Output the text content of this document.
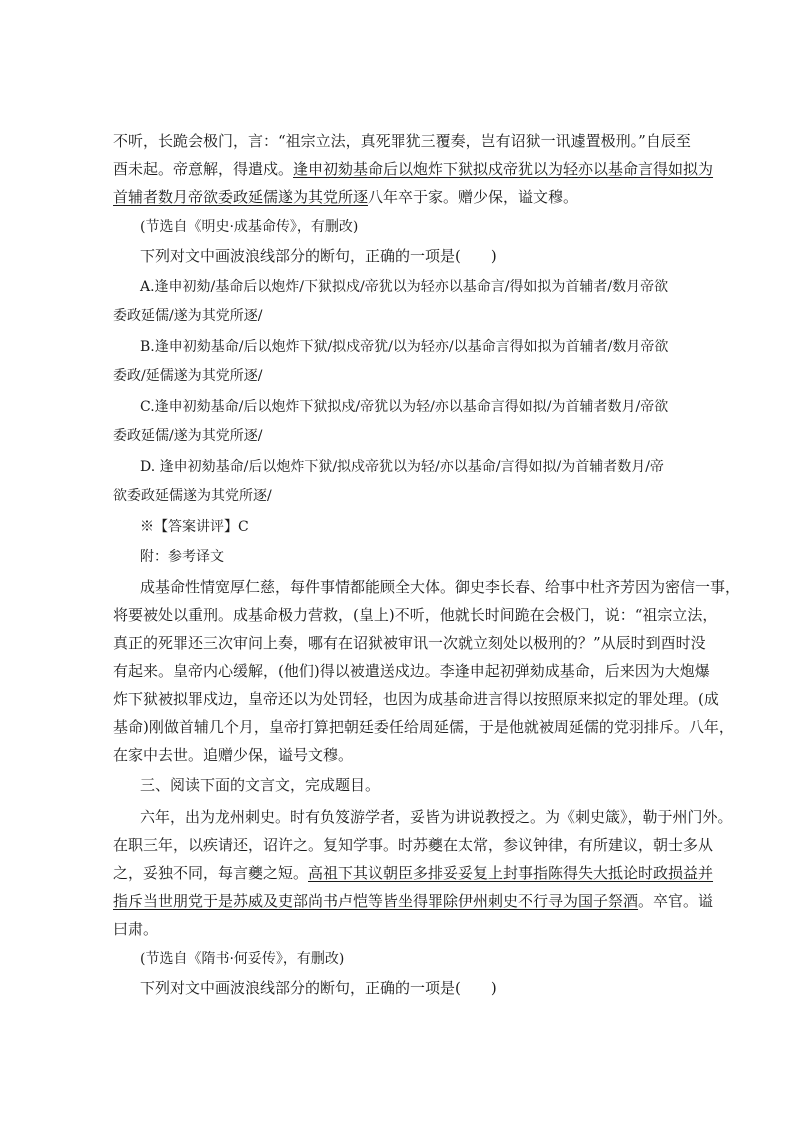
不听，长跪会极门，言：“祖宗立法，真死罪犹三覆奏，岂有诏狱一讯遽置极刑。”自辰至
酉未起。帝意解，得遣戍。逢申初劾基命后以炮炸下狱拟戍帝犹以为轻亦以基命言得如拟为
首辅者数月帝欲委政延儒遂为其党所逐八年卒于家。赠少保，谥文穆。
(节选自《明史·成基命传》，有删改)
下列对文中画波浪线部分的断句，正确的一项是(　　)
A.逢申初劾/基命后以炮炸/下狱拟戍/帝犹以为轻亦以基命言/得如拟为首辅者/数月帝欲
委政延儒/遂为其党所逐/
B.逢申初劾基命/后以炮炸下狱/拟戍帝犹/以为轻亦/以基命言得如拟为首辅者/数月帝欲
委政/延儒遂为其党所逐/
C.逢申初劾基命/后以炮炸下狱拟戍/帝犹以为轻/亦以基命言得如拟/为首辅者数月/帝欲
委政延儒/遂为其党所逐/
D. 逢申初劾基命/后以炮炸下狱/拟戍帝犹以为轻/亦以基命/言得如拟/为首辅者数月/帝
欲委政延儒遂为其党所逐/
※【答案讲评】C
附：参考译文
成基命性情宽厚仁慈，每件事情都能顾全大体。御史李长春、给事中杜齐芳因为密信一事，
将要被处以重刑。成基命极力营救，(皇上)不听，他就长时间跪在会极门，说：“祖宗立法，
真正的死罪还三次审问上奏，哪有在诏狱被审讯一次就立刻处以极刑的？”从辰时到酉时没
有起来。皇帝内心缓解，(他们)得以被遣送戍边。李逢申起初弹劾成基命，后来因为大炮爆
炸下狱被拟罪戍边，皇帝还以为处罚轻，也因为成基命进言得以按照原来拟定的罪处理。(成
基命)刚做首辅几个月，皇帝打算把朝廷委任给周延儒，于是他就被周延儒的党羽排斥。八年，
在家中去世。追赠少保，谥号文穆。
三、阅读下面的文言文，完成题目。
六年，出为龙州刺史。时有负笈游学者，妥皆为讲说教授之。为《刺史箴》，勒于州门外。
在职三年，以疾请还，诏许之。复知学事。时苏夔在太常，参议钟律，有所建议，朝士多从
之，妥独不同，每言夔之短。高祖下其议朝臣多排妥妥复上封事指陈得失大抵论时政损益并
指斥当世朋党于是苏威及吏部尚书卢恺等皆坐得罪除伊州刺史不行寻为国子祭酒。卒官。谥
曰肃。
(节选自《隋书·何妥传》，有删改)
下列对文中画波浪线部分的断句，正确的一项是(　　)
